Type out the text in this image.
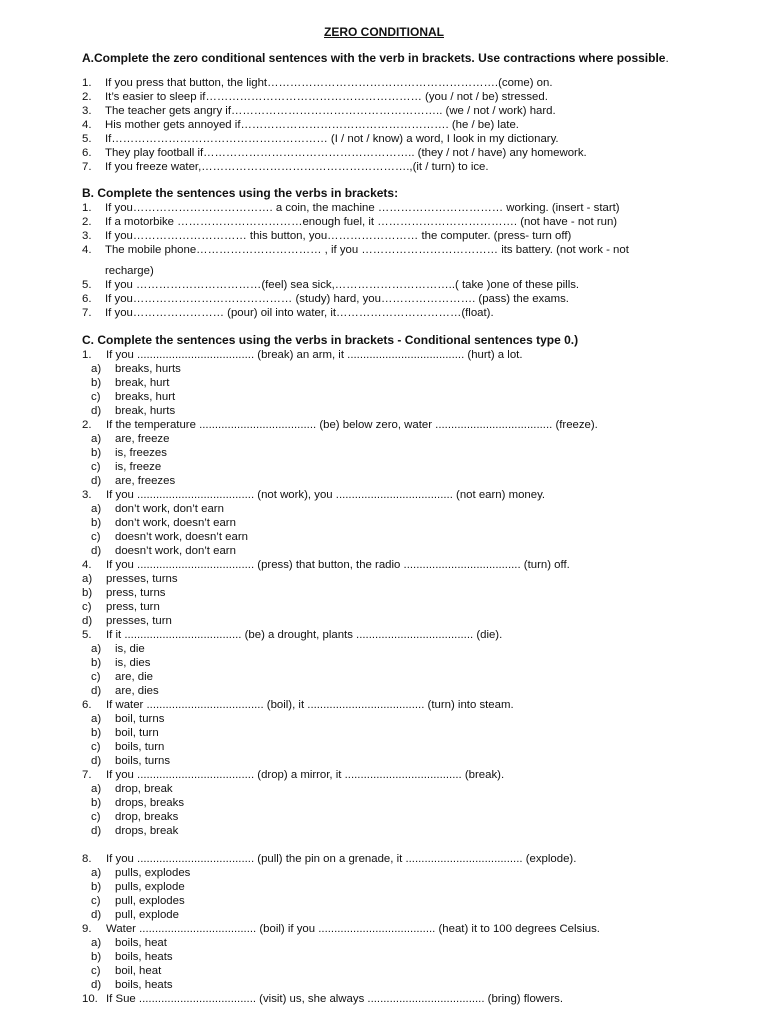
ZERO CONDITIONAL
A.Complete the zero conditional sentences with the verb in brackets. Use contractions where possible.
1. If you press that button, the light…………………………………………………….(come) on.
2. It’s easier to sleep if………………………………………………… (you / not / be) stressed.
3. The teacher gets angry if……………………………………………….. (we / not / work) hard.
4. His mother gets annoyed if………………………………………………. (he / be) late.
5. If………………………………………………… (I / not / know) a word, I look in my dictionary.
6. They play football if……………………………………………….. (they / not / have) any homework.
7. If you freeze water,……………………………………………….,(it / turn) to ice.
B. Complete the sentences using the verbs in brackets:
1. If you………………………………. a coin, the machine …………………………… working. (insert - start)
2. If a motorbike ……………………………enough fuel, it ………………………………. (not have - not run)
3. If you………………………… this button, you…………………… the computer. (press- turn off)
4. The mobile phone…………………………… , if you ……………………………… its battery. (not work - not
recharge)
5. If you ……………………………(feel) sea sick,…………………………..( take )one of these pills.
6. If you…………………………………… (study) hard, you……………………. (pass) the exams.
7. If you…………………… (pour) oil into water, it……………………………(float).
C. Complete the sentences using the verbs in brackets - Conditional sentences type 0.)
1. If you ..................................... (break) an arm, it ..................................... (hurt) a lot.
a) breaks, hurts
b) break, hurt
c) breaks, hurt
d) break, hurts
2. If the temperature ..................................... (be) below zero, water ..................................... (freeze).
a) are, freeze
b) is, freezes
c) is, freeze
d) are, freezes
3. If you ..................................... (not work), you ..................................... (not earn) money.
a) don’t work, don’t earn
b) don’t work, doesn’t earn
c) doesn’t work, doesn’t earn
d) doesn’t work, don’t earn
4. If you ..................................... (press) that button, the radio ..................................... (turn) off.
a) presses, turns
b) press, turns
c) press, turn
d) presses, turn
5. If it ..................................... (be) a drought, plants ..................................... (die).
a) is, die
b) is, dies
c) are, die
d) are, dies
6. If water ..................................... (boil), it ..................................... (turn) into steam.
a) boil, turns
b) boil, turn
c) boils, turn
d) boils, turns
7. If you ..................................... (drop) a mirror, it ..................................... (break).
a) drop, break
b) drops, breaks
c) drop, breaks
d) drops, break
8. If you ..................................... (pull) the pin on a grenade, it ..................................... (explode).
a) pulls, explodes
b) pulls, explode
c) pull, explodes
d) pull, explode
9. Water ..................................... (boil) if you ..................................... (heat) it to 100 degrees Celsius.
a) boils, heat
b) boils, heats
c) boil, heat
d) boils, heats
10. If Sue ..................................... (visit) us, she always ..................................... (bring) flowers.
